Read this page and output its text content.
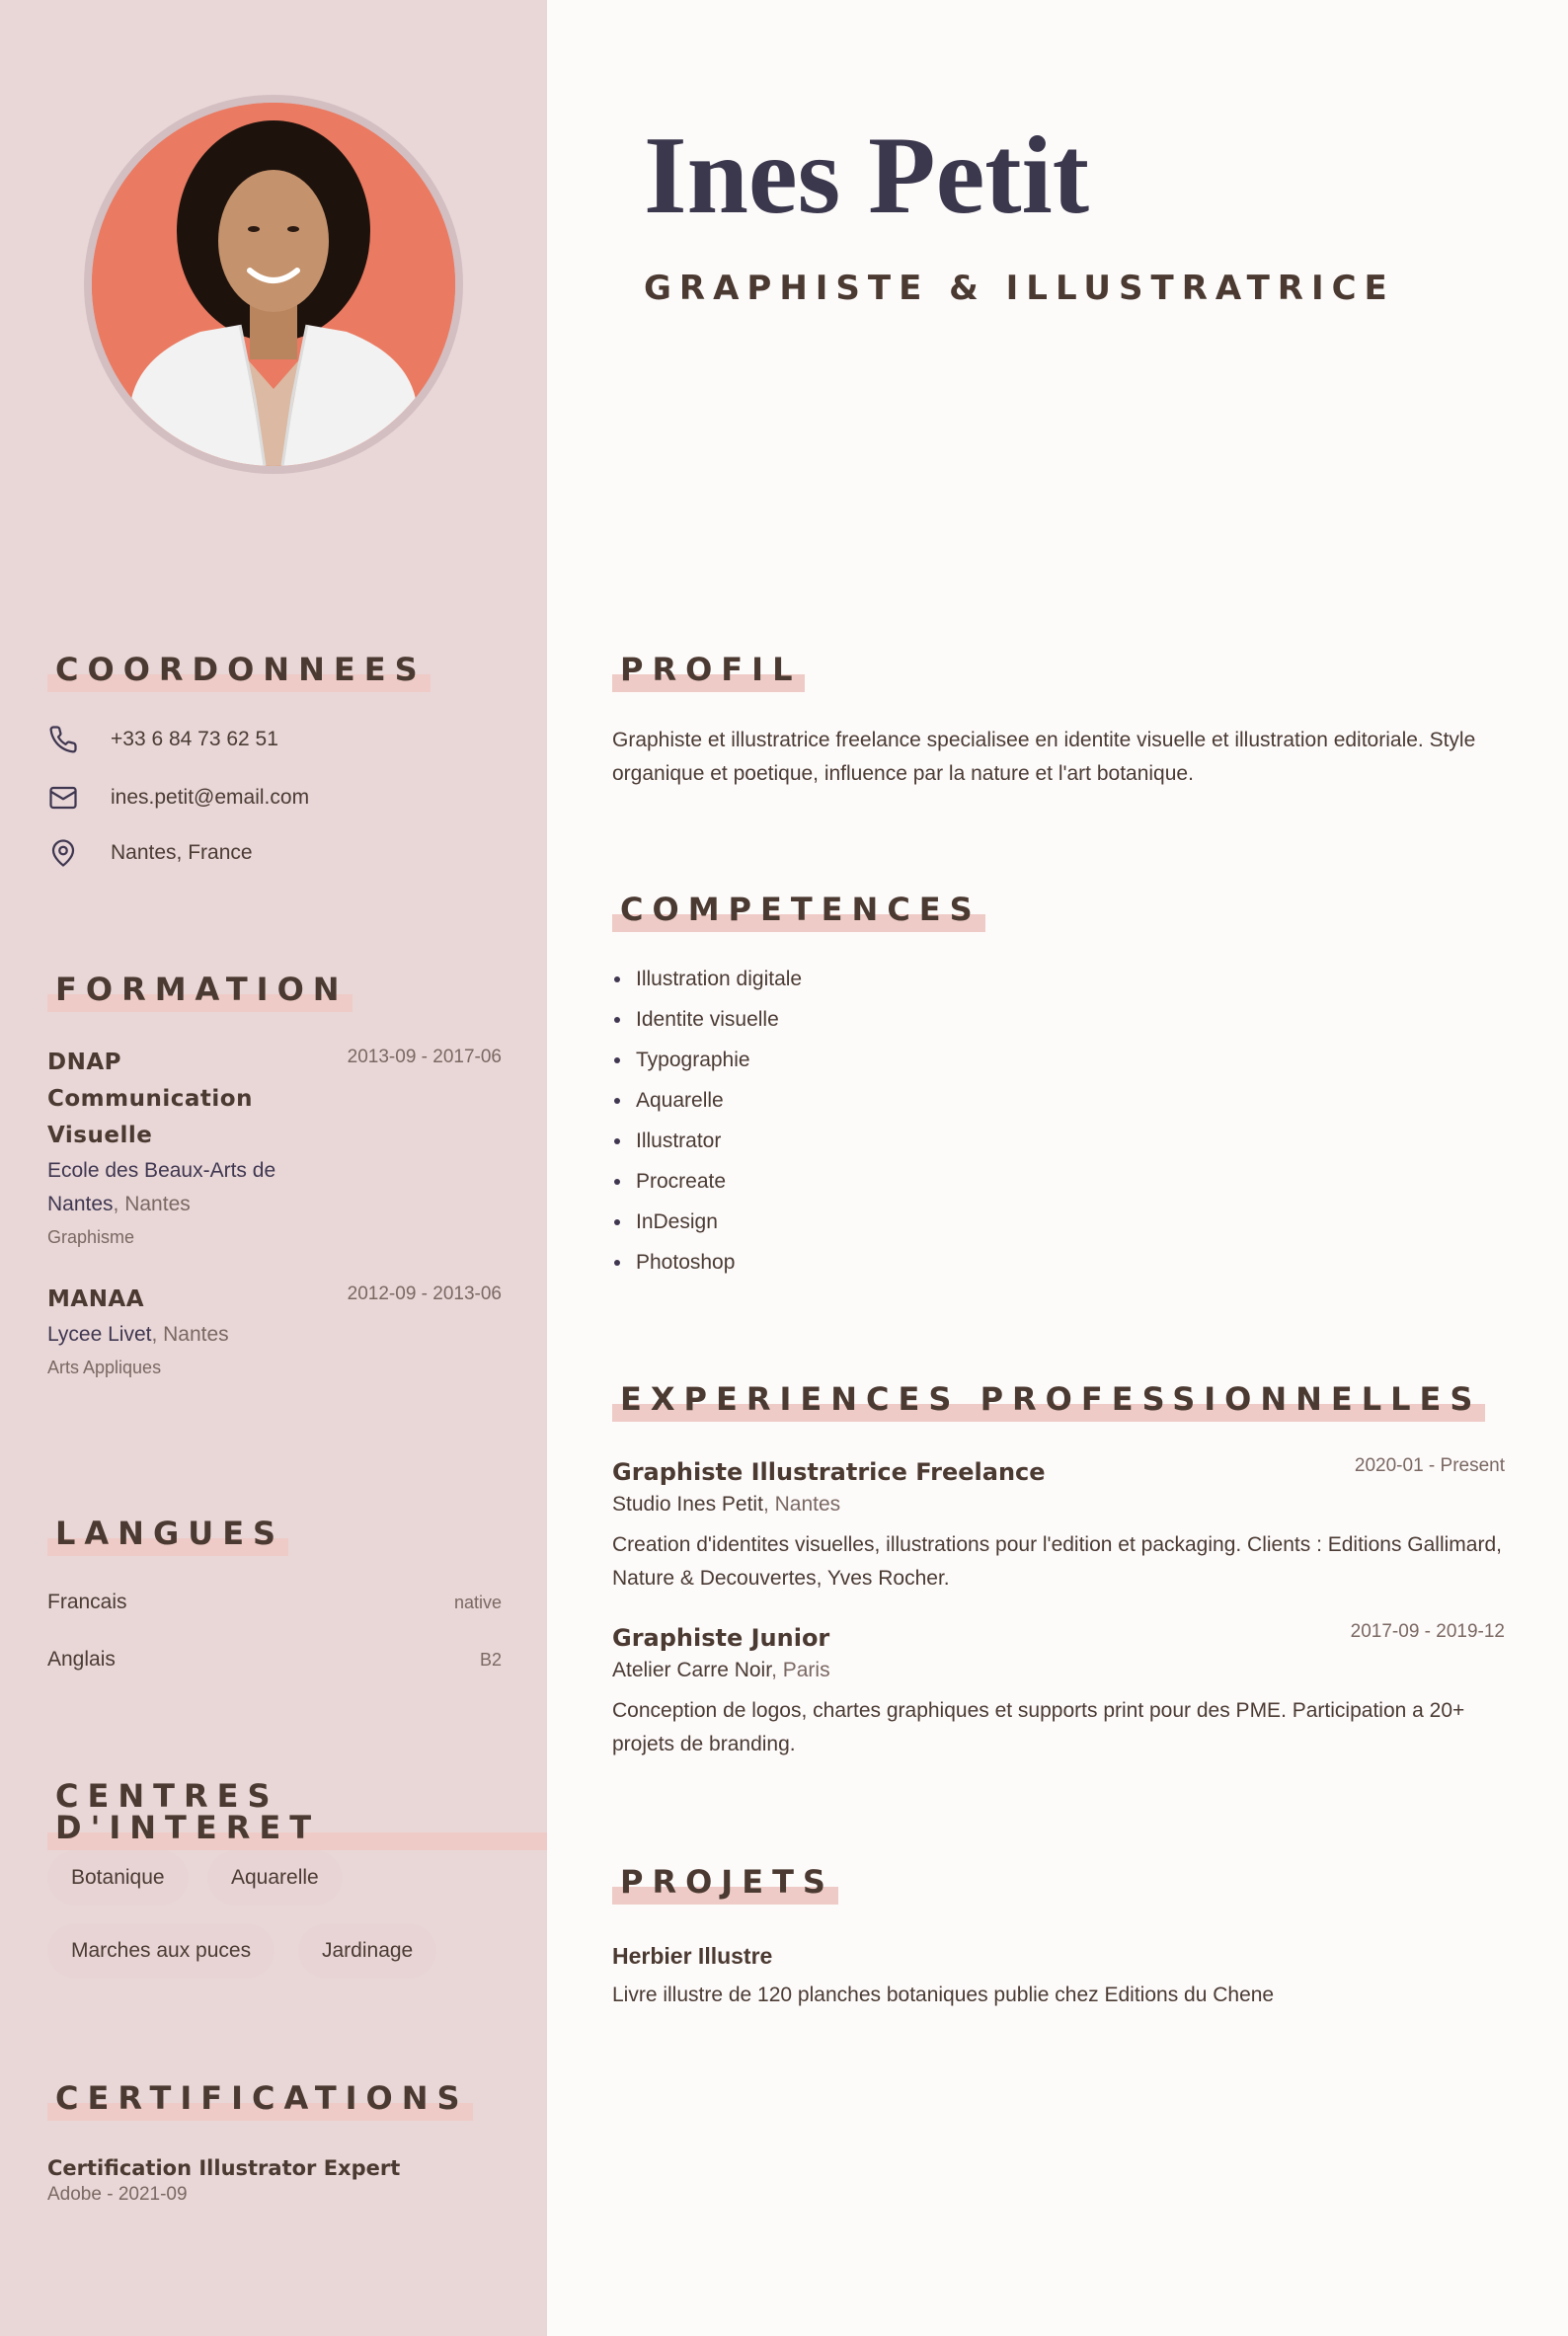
COORDONNEES
+33 6 84 73 62 51
ines.petit@email.com
Nantes, France
FORMATION
DNAP Communication Visuelle
2013-09 - 2017-06
Ecole des Beaux-Arts de Nantes, Nantes
Graphisme
MANAA	2012-09 - 2013-06
Lycee Livet, Nantes
Arts Appliques
LANGUES
Francais	native
Anglais	B2
CENTRES D'INTERET
Botanique	Aquarelle
Marches aux puces	Jardinage
CERTIFICATIONS
Certification Illustrator Expert
Adobe - 2021-09
Ines Petit
GRAPHISTE & ILLUSTRATRICE
PROFIL

Graphiste et illustratrice freelance specialisee en identite visuelle et illustration editoriale. Style organique et poetique, influence par la nature et l'art botanique.

COMPETENCES
Illustration digitale
Identite visuelle
Typographie
Aquarelle
Illustrator
Procreate
InDesign
Photoshop
EXPERIENCES PROFESSIONNELLES
Graphiste Illustratrice Freelance	2020-01 - Present
Studio Ines Petit, Nantes
Creation d'identites visuelles, illustrations pour l'edition et packaging. Clients : Editions Gallimard, Nature & Decouvertes, Yves Rocher.
Graphiste Junior	2017-09 - 2019-12
Atelier Carre Noir, Paris
Conception de logos, chartes graphiques et supports print pour des PME. Participation a 20+ projets de branding.
PROJETS
Herbier Illustre
Livre illustre de 120 planches botaniques publie chez Editions du Chene
